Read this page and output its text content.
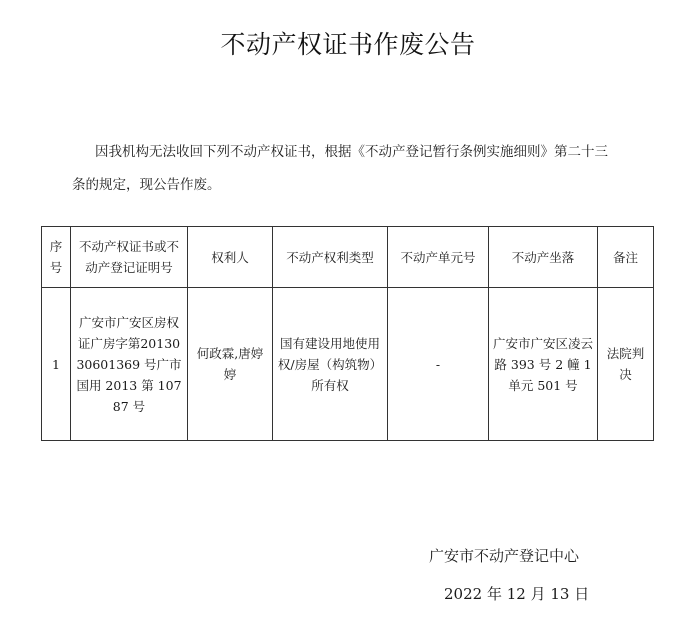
不动产权证书作废公告
因我机构无法收回下列不动产权证书，根据《不动产登记暂行条例实施细则》第二十三
条的规定，现公告作废。
序号	不动产权证书或不动产登记证明号	权利人	不动产权利类型	不动产单元号	不动产坐落	备注
1	广安市广安区房权证广房字第2013030601369 号广市国用 2013 第 10787 号	何政霖,唐婷婷	国有建设用地使用权/房屋（构筑物）所有权	-	广安市广安区凌云路 393 号 2 幢 1 单元 501 号	法院判决
广安市不动产登记中心
2022 年 12 月 13 日
